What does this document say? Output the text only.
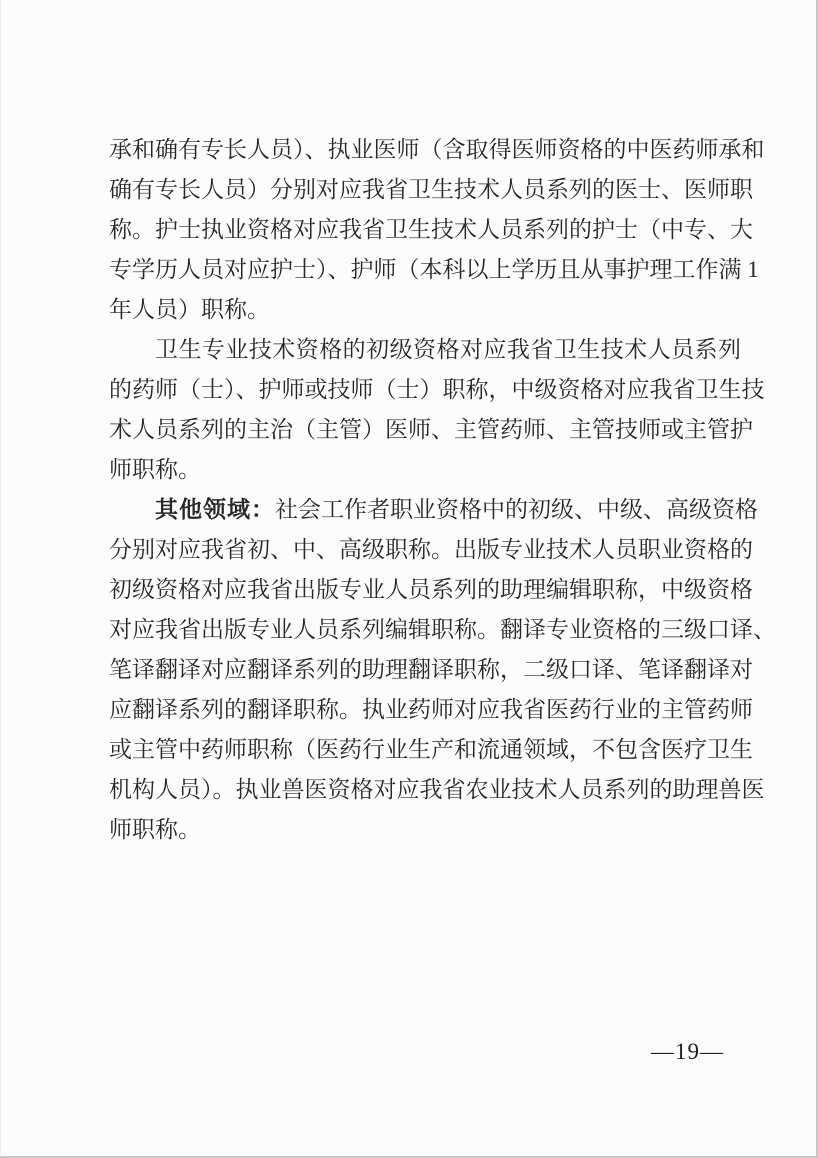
承和确有专长人员）、执业医师（含取得医师资格的中医药师承和

确有专长人员）分别对应我省卫生技术人员系列的医士、医师职

称。护士执业资格对应我省卫生技术人员系列的护士（中专、大

专学历人员对应护士）、护师（本科以上学历且从事护理工作满 1

年人员）职称。

卫生专业技术资格的初级资格对应我省卫生技术人员系列

的药师（士）、护师或技师（士）职称，中级资格对应我省卫生技

术人员系列的主治（主管）医师、主管药师、主管技师或主管护

师职称。

其他领域：社会工作者职业资格中的初级、中级、高级资格

分别对应我省初、中、高级职称。出版专业技术人员职业资格的

初级资格对应我省出版专业人员系列的助理编辑职称，中级资格

对应我省出版专业人员系列编辑职称。翻译专业资格的三级口译、

笔译翻译对应翻译系列的助理翻译职称，二级口译、笔译翻译对

应翻译系列的翻译职称。执业药师对应我省医药行业的主管药师

或主管中药师职称（医药行业生产和流通领域，不包含医疗卫生

机构人员）。执业兽医资格对应我省农业技术人员系列的助理兽医

师职称。

—19—
